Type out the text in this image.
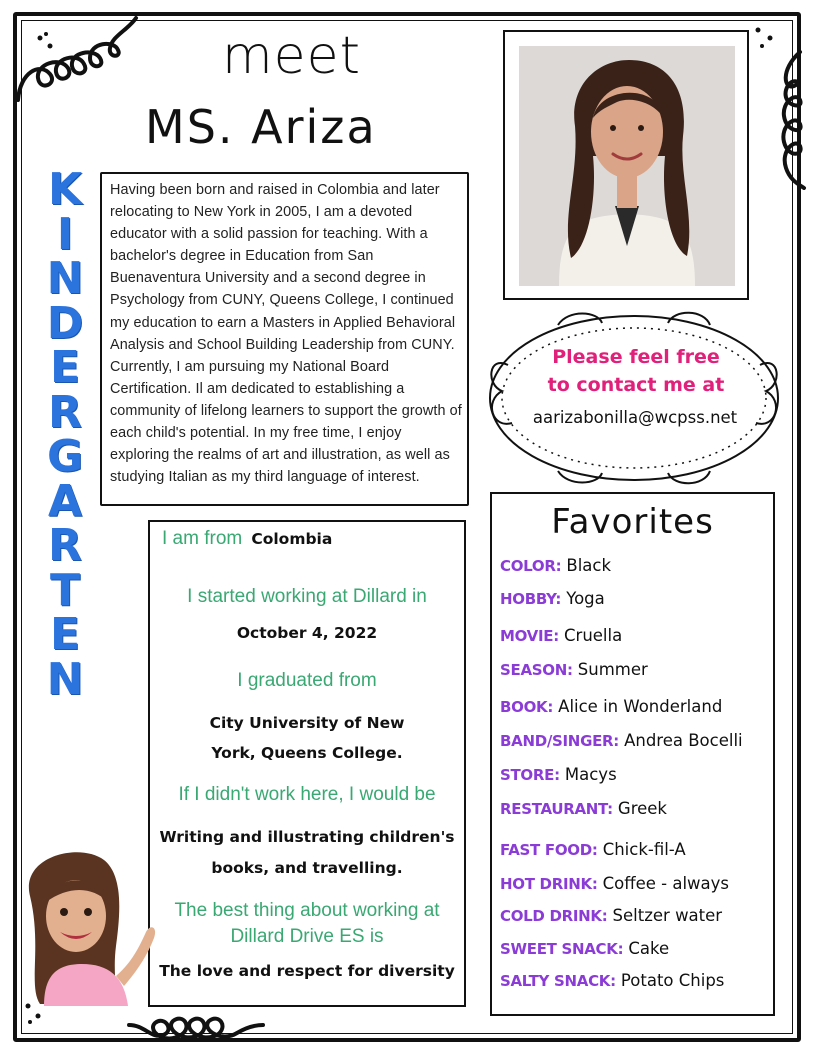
meet
MS. Ariza
K
I
N
D
E
R
G
A
R
T
E
N

Having been born and raised in Colombia and later relocating to New York in 2005, I am a devoted educator with a solid passion for teaching. With a bachelor's degree in Education from San Buenaventura University and a second degree in Psychology from CUNY, Queens College, I continued my education to earn a Masters in Applied Behavioral Analysis and School Building Leadership from CUNY. Currently, I am pursuing my National Board Certification. Il am dedicated to establishing a community of lifelong learners to support the growth of each child's potential. In my free time, I enjoy exploring the realms of art and illustration, as well as studying Italian as my third language of interest.

Please feel free
to contact me at
aarizabonilla@wcpss.net
I am from Colombia
I started working at Dillard in
October 4, 2022
I graduated from
City University of New
York, Queens College.
If I didn't work here, I would be
Writing and illustrating children's
books, and travelling.
The best thing about working at
Dillard Drive ES is
The love and respect for diversity
Favorites
COLOR: Black
HOBBY: Yoga
MOVIE: Cruella
SEASON: Summer
BOOK: Alice in Wonderland
BAND/SINGER: Andrea Bocelli
STORE: Macys
RESTAURANT: Greek
FAST FOOD: Chick-fil-A
HOT DRINK: Coffee - always
COLD DRINK: Seltzer water
SWEET SNACK: Cake
SALTY SNACK: Potato Chips
